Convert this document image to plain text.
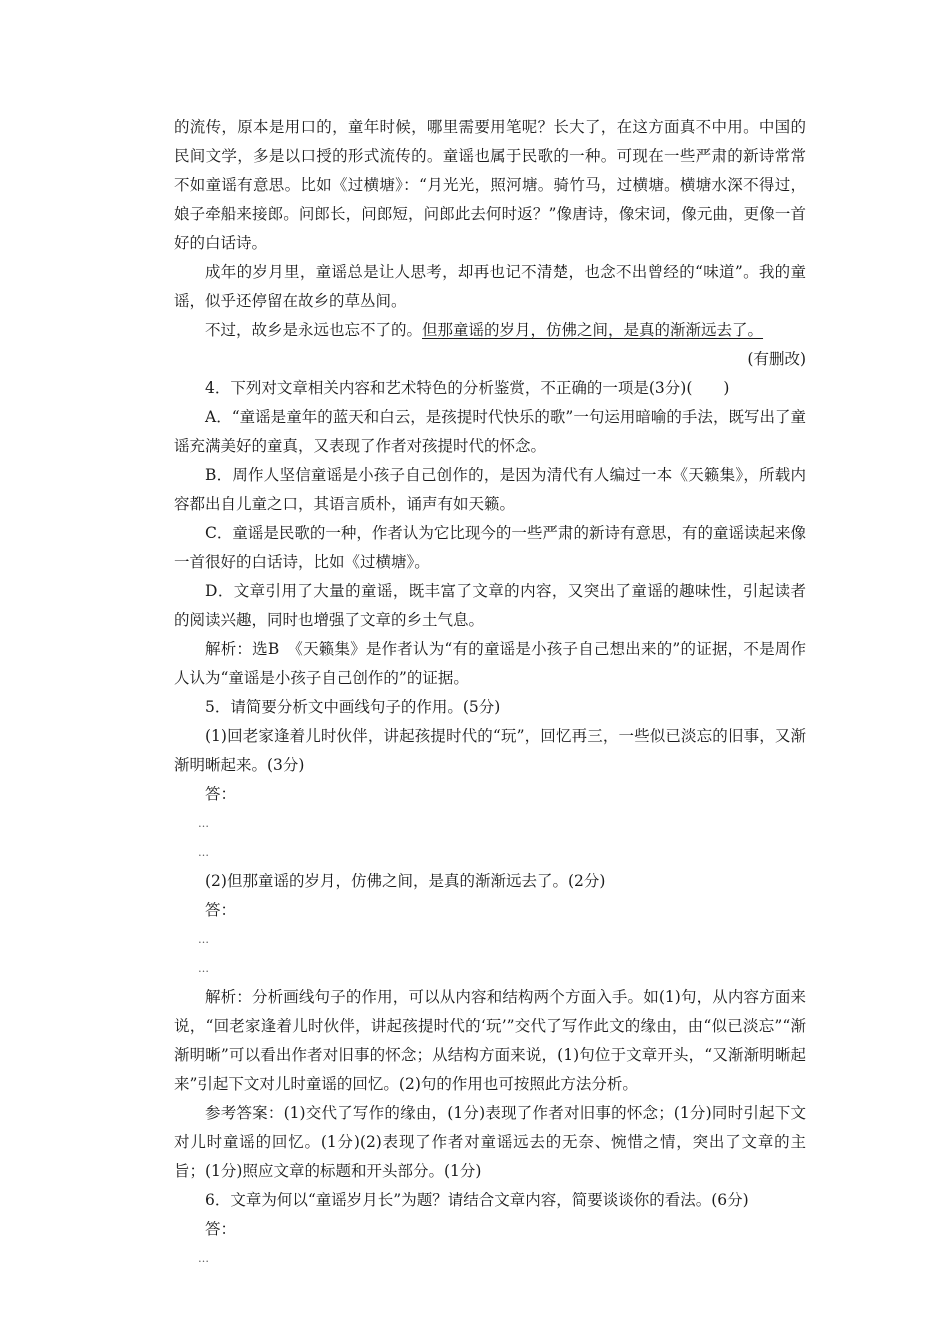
的流传，原本是用口的，童年时候，哪里需要用笔呢？长大了，在这方面真不中用。中国的民间文学，多是以口授的形式流传的。童谣也属于民歌的一种。可现在一些严肃的新诗常常不如童谣有意思。比如《过横塘》：“月光光，照河塘。骑竹马，过横塘。横塘水深不得过，娘子牵船来接郎。问郎长，问郎短，问郎此去何时返？”像唐诗，像宋词，像元曲，更像一首好的白话诗。

成年的岁月里，童谣总是让人思考，却再也记不清楚，也念不出曾经的“味道”。我的童谣，似乎还停留在故乡的草丛间。

不过，故乡是永远也忘不了的。但那童谣的岁月，仿佛之间，是真的渐渐远去了。

(有删改)

4．下列对文章相关内容和艺术特色的分析鉴赏，不正确的一项是(3分)(　　)

A．“童谣是童年的蓝天和白云，是孩提时代快乐的歌”一句运用暗喻的手法，既写出了童谣充满美好的童真，又表现了作者对孩提时代的怀念。

B．周作人坚信童谣是小孩子自己创作的，是因为清代有人编过一本《天籁集》，所载内容都出自儿童之口，其语言质朴，诵声有如天籁。

C．童谣是民歌的一种，作者认为它比现今的一些严肃的新诗有意思，有的童谣读起来像一首很好的白话诗，比如《过横塘》。

D．文章引用了大量的童谣，既丰富了文章的内容，又突出了童谣的趣味性，引起读者的阅读兴趣，同时也增强了文章的乡土气息。

解析：选B　《天籁集》是作者认为“有的童谣是小孩子自己想出来的”的证据，不是周作人认为“童谣是小孩子自己创作的”的证据。

5．请简要分析文中画线句子的作用。(5分)

(1)回老家逢着儿时伙伴，讲起孩提时代的“玩”，回忆再三，一些似已淡忘的旧事，又渐渐明晰起来。(3分)

答：

…

…

(2)但那童谣的岁月，仿佛之间，是真的渐渐远去了。(2分)

答：

…

…

解析：分析画线句子的作用，可以从内容和结构两个方面入手。如(1)句，从内容方面来说，“回老家逢着儿时伙伴，讲起孩提时代的‘玩’”交代了写作此文的缘由，由“似已淡忘”“渐渐明晰”可以看出作者对旧事的怀念；从结构方面来说，(1)句位于文章开头，“又渐渐明晰起来”引起下文对儿时童谣的回忆。(2)句的作用也可按照此方法分析。

参考答案：(1)交代了写作的缘由，(1分)表现了作者对旧事的怀念；(1分)同时引起下文对儿时童谣的回忆。(1分)(2)表现了作者对童谣远去的无奈、惋惜之情，突出了文章的主旨；(1分)照应文章的标题和开头部分。(1分)

6．文章为何以“童谣岁月长”为题？请结合文章内容，简要谈谈你的看法。(6分)

答：

…
